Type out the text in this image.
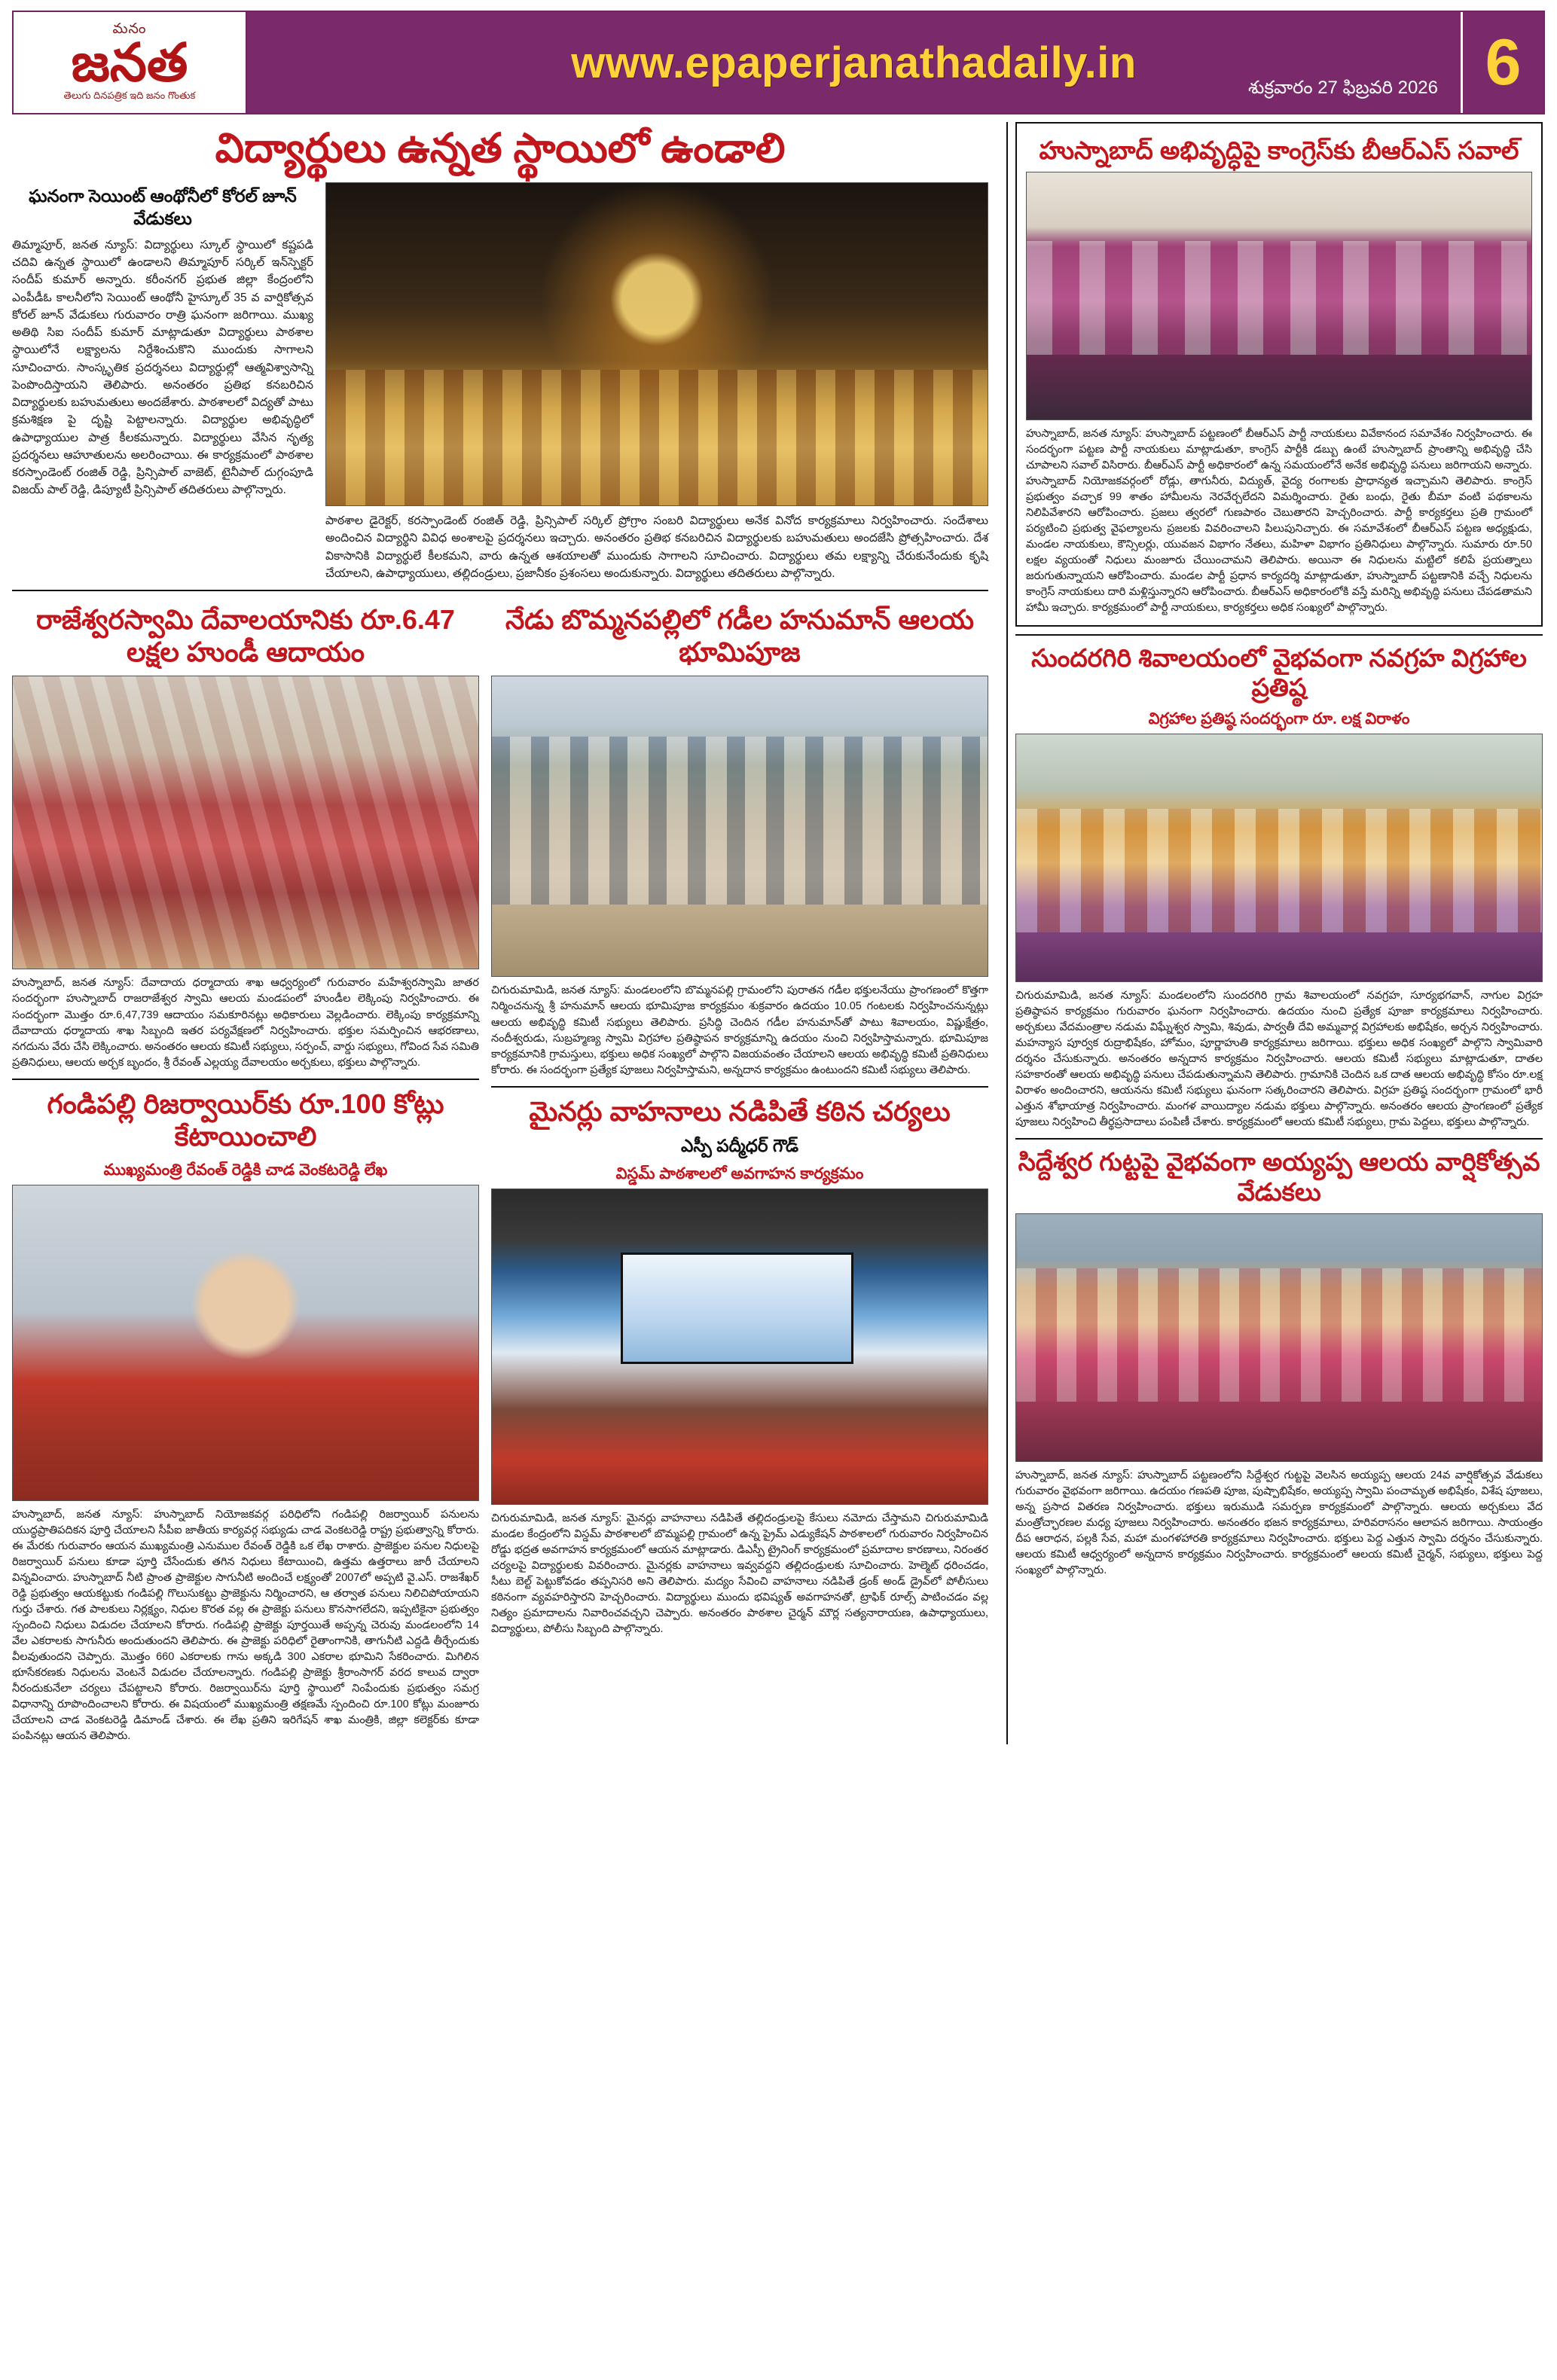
మనం
జనత
తెలుగు దినపత్రిక ఇది జనం గొంతుక
www.epaperjanathadaily.in
శుక్రవారం 27 ఫిబ్రవరి 2026 6
విద్యార్థులు ఉన్నత స్థాయిలో ఉండాలి
ఘనంగా సెయింట్ ఆంథోనీలో కోరల్ జూన్ వేడుకలు
తిమ్మాపూర్, జనత న్యూస్: విద్యార్థులు స్కూల్ స్థాయిలో కష్టపడి చదివి ఉన్నత స్థాయిలో ఉండాలని తిమ్మాపూర్ సర్కిల్ ఇన్‌స్పెక్టర్ సందీప్ కుమార్ అన్నారు. కరీంనగర్ ప్రభుత జిల్లా కేంద్రంలోని ఎంపీడీఓ కాలనీలోని సెయింట్ ఆంథోనీ హైస్కూల్ 35 వ వార్షికోత్సవ కోరల్ జూన్ వేడుకలు గురువారం రాత్రి ఘనంగా జరిగాయి. ముఖ్య అతిథి సిఐ సందీప్ కుమార్ మాట్లాడుతూ విద్యార్థులు పాఠశాల స్థాయిలోనే లక్ష్యాలను నిర్దేశించుకొని ముందుకు సాగాలని సూచించారు. సాంస్కృతిక ప్రదర్శనలు విద్యార్థుల్లో ఆత్మవిశ్వాసాన్ని పెంపొందిస్తాయని తెలిపారు. అనంతరం ప్రతిభ కనబరిచిన విద్యార్థులకు బహుమతులు అందజేశారు. పాఠశాలలో విద్యతో పాటు క్రమశిక్షణ పై దృష్టి పెట్టాలన్నారు. విద్యార్థుల అభివృద్ధిలో ఉపాధ్యాయుల పాత్ర కీలకమన్నారు. విద్యార్థులు వేసిన నృత్య ప్రదర్శనలు ఆహూతులను అలరించాయి. ఈ కార్యక్రమంలో పాఠశాల కరస్పాండెంట్ రంజిత్ రెడ్డి, ప్రిన్సిపాల్ వాజెట్, టైనీపాల్ దుగ్గంపూడి విజయ్ పాల్ రెడ్డి, డిప్యూటీ ప్రిన్సిపాల్ తదితరులు పాల్గొన్నారు.
పాఠశాల డైరెక్టర్, కరస్పాండెంట్ రంజిత్ రెడ్డి, ప్రిన్సిపాల్ సర్కిల్ ప్రోగ్రాం సంబరి విద్యార్థులు అనేక వినోద కార్యక్రమాలు నిర్వహించారు. సందేశాలు అందించిన విద్యార్థిని వివిధ అంశాలపై ప్రదర్శనలు ఇచ్చారు. అనంతరం ప్రతిభ కనబరిచిన విద్యార్థులకు బహుమతులు అందజేసి ప్రోత్సహించారు. దేశ వికాసానికి విద్యార్థులే కీలకమని, వారు ఉన్నత ఆశయాలతో ముందుకు సాగాలని సూచించారు. విద్యార్థులు తమ లక్ష్యాన్ని చేరుకునేందుకు కృషి చేయాలని, ఉపాధ్యాయులు, తల్లిదండ్రులు, ప్రజానీకం ప్రశంసలు అందుకున్నారు. విద్యార్థులు తదితరులు పాల్గొన్నారు.
రాజేశ్వరస్వామి దేవాలయానికు రూ.6.47 లక్షల హుండీ ఆదాయం
హుస్నాబాద్, జనత న్యూస్: దేవాదాయ ధర్మాదాయ శాఖ ఆధ్వర్యంలో గురువారం మహేశ్వరస్వామి జాతర సందర్భంగా హుస్నాబాద్ రాజరాజేశ్వర స్వామి ఆలయ మండపంలో హుండీల లెక్కింపు నిర్వహించారు. ఈ సందర్భంగా మొత్తం రూ.6,47,739 ఆదాయం సమకూరినట్లు అధికారులు వెల్లడించారు. లెక్కింపు కార్యక్రమాన్ని దేవాదాయ ధర్మాదాయ శాఖ సిబ్బంది ఇతర పర్యవేక్షణలో నిర్వహించారు. భక్తుల సమర్పించిన ఆభరణాలు, నగదును వేరు చేసి లెక్కించారు. అనంతరం ఆలయ కమిటీ సభ్యులు, సర్పంచ్, వార్డు సభ్యులు, గోవింద సేవ సమితి ప్రతినిధులు, ఆలయ అర్చక బృందం, శ్రీ రేవంత్ ఎల్లయ్య దేవాలయం అర్చకులు, భక్తులు పాల్గొన్నారు.
గండిపల్లి రిజర్వాయిర్‌కు రూ.100 కోట్లు కేటాయించాలి
ముఖ్యమంత్రి రేవంత్ రెడ్డికి చాడ వెంకటరెడ్డి లేఖ
హుస్నాబాద్, జనత న్యూస్: హుస్నాబాద్ నియోజకవర్గ పరిధిలోని గండిపల్లి రిజర్వాయిర్ పనులను యుద్ధప్రాతిపదికన పూర్తి చేయాలని సీపీఐ జాతీయ కార్యవర్గ సభ్యుడు చాడ వెంకటరెడ్డి రాష్ట్ర ప్రభుత్వాన్ని కోరారు. ఈ మేరకు గురువారం ఆయన ముఖ్యమంత్రి ఎనుముల రేవంత్ రెడ్డికి ఒక లేఖ రాశారు. ప్రాజెక్టుల పనుల నిధులపై రిజర్వాయిర్ పనులు కూడా పూర్తి చేసేందుకు తగిన నిధులు కేటాయించి, ఉత్తమ ఉత్తరాలు జారీ చేయాలని విన్నవించారు. హుస్నాబాద్ నీటి ప్రాంత ప్రాజెక్టుల సాగునీటి అందించే లక్ష్యంతో 2007లో అప్పటి వై.ఎస్. రాజశేఖర్ రెడ్డి ప్రభుత్వం ఆయకట్టుకు గండిపల్లి గొలుసుకట్టు ప్రాజెక్టును నిర్మించారని, ఆ తర్వాత పనులు నిలిచిపోయాయని గుర్తు చేశారు. గత పాలకులు నిర్లక్ష్యం, నిధుల కొరత వల్ల ఈ ప్రాజెక్టు పనులు కొనసాగలేదని, ఇప్పటికైనా ప్రభుత్వం స్పందించి నిధులు విడుదల చేయాలని కోరారు. గండిపల్లి ప్రాజెక్టు పూర్తయితే అప్పన్న చెరువు మండలంలోని 14 వేల ఎకరాలకు సాగునీరు అందుతుందని తెలిపారు. ఈ ప్రాజెక్టు పరిధిలో రైతాంగానికి, తాగునీటి ఎద్దడి తీర్చేందుకు వీలవుతుందని చెప్పారు. మొత్తం 660 ఎకరాలకు గాను అక్కడి 300 ఎకరాల భూమిని సేకరించారు. మిగిలిన భూసేకరణకు నిధులను వెంటనే విడుదల చేయాలన్నారు. గండిపల్లి ప్రాజెక్టు శ్రీరాంసాగర్ వరద కాలువ ద్వారా నీరందుకునేలా చర్యలు చేపట్టాలని కోరారు. రిజర్వాయిర్‌ను పూర్తి స్థాయిలో నింపేందుకు ప్రభుత్వం సమగ్ర విధానాన్ని రూపొందించాలని కోరారు. ఈ విషయంలో ముఖ్యమంత్రి తక్షణమే స్పందించి రూ.100 కోట్లు మంజూరు చేయాలని చాడ వెంకటరెడ్డి డిమాండ్ చేశారు. ఈ లేఖ ప్రతిని ఇరిగేషన్ శాఖ మంత్రికి, జిల్లా కలెక్టర్‌కు కూడా పంపినట్లు ఆయన తెలిపారు.
నేడు బొమ్మనపల్లిలో గడీల హనుమాన్ ఆలయ భూమిపూజ
చిగురుమామిడి, జనత న్యూస్: మండలంలోని బొమ్మనపల్లి గ్రామంలోని పురాతన గడీల భక్తులనేయు ప్రాంగణంలో కొత్తగా నిర్మించనున్న శ్రీ హనుమాన్ ఆలయ భూమిపూజ కార్యక్రమం శుక్రవారం ఉదయం 10.05 గంటలకు నిర్వహించనున్నట్లు ఆలయ అభివృద్ధి కమిటీ సభ్యులు తెలిపారు. ప్రసిద్ధి చెందిన గడీల హనుమాన్‌తో పాటు శివాలయం, విష్ణుక్షేత్రం, నందీశ్వరుడు, సుబ్రహ్మణ్య స్వామి విగ్రహాల ప్రతిష్ఠాపన కార్యక్రమాన్ని ఉదయం నుంచి నిర్వహిస్తామన్నారు. భూమిపూజ కార్యక్రమానికి గ్రామస్తులు, భక్తులు అధిక సంఖ్యలో పాల్గొని విజయవంతం చేయాలని ఆలయ అభివృద్ధి కమిటీ ప్రతినిధులు కోరారు. ఈ సందర్భంగా ప్రత్యేక పూజలు నిర్వహిస్తామని, అన్నదాన కార్యక్రమం ఉంటుందని కమిటీ సభ్యులు తెలిపారు.
మైనర్లు వాహనాలు నడిపితే కఠిన చర్యలు
ఎస్పీ పద్మీధర్ గౌడ్
విస్డమ్ పాఠశాలలో అవగాహన కార్యక్రమం
చిగురుమామిడి, జనత న్యూస్: మైనర్లు వాహనాలు నడిపితే తల్లిదండ్రులపై కేసులు నమోదు చేస్తామని చిగురుమామిడి మండల కేంద్రంలోని విస్డమ్ పాఠశాలలో బొమ్మపల్లి గ్రామంలో ఉన్న ప్రైమ్ ఎడ్యుకేషన్ పాఠశాలలో గురువారం నిర్వహించిన రోడ్డు భద్రత అవగాహన కార్యక్రమంలో ఆయన మాట్లాడారు. డిఎస్పీ ట్రైనింగ్ కార్యక్రమంలో ప్రమాదాల కారణాలు, నిరంతర చర్యలపై విద్యార్థులకు వివరించారు. మైనర్లకు వాహనాలు ఇవ్వవద్దని తల్లిదండ్రులకు సూచించారు. హెల్మెట్ ధరించడం, సీటు బెల్ట్ పెట్టుకోవడం తప్పనిసరి అని తెలిపారు. మద్యం సేవించి వాహనాలు నడిపితే డ్రంక్ అండ్ డ్రైవ్‌లో పోలీసులు కఠినంగా వ్యవహరిస్తారని హెచ్చరించారు. విద్యార్థులు ముందు భవిష్యత్ అవగాహనతో, ట్రాఫిక్ రూల్స్ పాటించడం వల్ల నిత్యం ప్రమాదాలను నివారించవచ్చని చెప్పారు. అనంతరం పాఠశాల చైర్మన్ మౌర్ల సత్యనారాయణ, ఉపాధ్యాయులు, విద్యార్థులు, పోలీసు సిబ్బంది పాల్గొన్నారు.
హుస్నాబాద్ అభివృద్ధిపై కాంగ్రెస్‌కు బీఆర్ఎస్ సవాల్
హుస్నాబాద్, జనత న్యూస్: హుస్నాబాద్ పట్టణంలో బీఆర్ఎస్ పార్టీ నాయకులు వివేకానంద సమావేశం నిర్వహించారు. ఈ సందర్భంగా పట్టణ పార్టీ నాయకులు మాట్లాడుతూ, కాంగ్రెస్ పార్టీకి డబ్బు ఉంటే హుస్నాబాద్ ప్రాంతాన్ని అభివృద్ధి చేసి చూపాలని సవాల్ విసిరారు. బీఆర్ఎస్ పార్టీ అధికారంలో ఉన్న సమయంలోనే అనేక అభివృద్ధి పనులు జరిగాయని అన్నారు. హుస్నాబాద్ నియోజకవర్గంలో రోడ్లు, తాగునీరు, విద్యుత్, వైద్య రంగాలకు ప్రాధాన్యత ఇచ్చామని తెలిపారు. కాంగ్రెస్ ప్రభుత్వం వచ్చాక 99 శాతం హామీలను నెరవేర్చలేదని విమర్శించారు. రైతు బంధు, రైతు బీమా వంటి పథకాలను నిలిపివేశారని ఆరోపించారు. ప్రజలు త్వరలో గుణపాఠం చెబుతారని హెచ్చరించారు. పార్టీ కార్యకర్తలు ప్రతి గ్రామంలో పర్యటించి ప్రభుత్వ వైఫల్యాలను ప్రజలకు వివరించాలని పిలుపునిచ్చారు. ఈ సమావేశంలో బీఆర్ఎస్ పట్టణ అధ్యక్షుడు, మండల నాయకులు, కౌన్సిలర్లు, యువజన విభాగం నేతలు, మహిళా విభాగం ప్రతినిధులు పాల్గొన్నారు. సుమారు రూ.50 లక్షల వ్యయంతో నిధులు మంజూరు చేయించామని తెలిపారు. అయినా ఈ నిధులను మట్టిలో కలిపే ప్రయత్నాలు జరుగుతున్నాయని ఆరోపించారు. మండల పార్టీ ప్రధాన కార్యదర్శి మాట్లాడుతూ, హుస్నాబాద్ పట్టణానికి వచ్చే నిధులను కాంగ్రెస్ నాయకులు దారి మళ్లిస్తున్నారని ఆరోపించారు. బీఆర్ఎస్ అధికారంలోకి వస్తే మరిన్ని అభివృద్ధి పనులు చేపడతామని హామీ ఇచ్చారు. కార్యక్రమంలో పార్టీ నాయకులు, కార్యకర్తలు అధిక సంఖ్యలో పాల్గొన్నారు.
సుందరగిరి శివాలయంలో వైభవంగా నవగ్రహ విగ్రహాల ప్రతిష్ఠ
విగ్రహాల ప్రతిష్ఠ సందర్భంగా రూ. లక్ష విరాళం
చిగురుమామిడి, జనత న్యూస్: మండలంలోని సుందరగిరి గ్రామ శివాలయంలో నవగ్రహ, సూర్యభగవాన్, నాగుల విగ్రహ ప్రతిష్ఠాపన కార్యక్రమం గురువారం ఘనంగా నిర్వహించారు. ఉదయం నుంచి ప్రత్యేక పూజా కార్యక్రమాలు నిర్వహించారు. అర్చకులు వేదమంత్రాల నడుమ విఘ్నేశ్వర స్వామి, శివుడు, పార్వతీ దేవి అమ్మవార్ల విగ్రహాలకు అభిషేకం, అర్చన నిర్వహించారు. మహన్యాస పూర్వక రుద్రాభిషేకం, హోమం, పూర్ణాహుతి కార్యక్రమాలు జరిగాయి. భక్తులు అధిక సంఖ్యలో పాల్గొని స్వామివారి దర్శనం చేసుకున్నారు. అనంతరం అన్నదాన కార్యక్రమం నిర్వహించారు. ఆలయ కమిటీ సభ్యులు మాట్లాడుతూ, దాతల సహకారంతో ఆలయ అభివృద్ధి పనులు చేపడుతున్నామని తెలిపారు. గ్రామానికి చెందిన ఒక దాత ఆలయ అభివృద్ధి కోసం రూ.లక్ష విరాళం అందించారని, ఆయనను కమిటీ సభ్యులు ఘనంగా సత్కరించారని తెలిపారు. విగ్రహ ప్రతిష్ఠ సందర్భంగా గ్రామంలో భారీ ఎత్తున శోభాయాత్ర నిర్వహించారు. మంగళ వాయిద్యాల నడుమ భక్తులు పాల్గొన్నారు. అనంతరం ఆలయ ప్రాంగణంలో ప్రత్యేక పూజలు నిర్వహించి తీర్థప్రసాదాలు పంపిణీ చేశారు. కార్యక్రమంలో ఆలయ కమిటీ సభ్యులు, గ్రామ పెద్దలు, భక్తులు పాల్గొన్నారు.
సిద్దేశ్వర గుట్టపై వైభవంగా అయ్యప్ప ఆలయ వార్షికోత్సవ వేడుకలు
హుస్నాబాద్, జనత న్యూస్: హుస్నాబాద్ పట్టణంలోని సిద్దేశ్వర గుట్టపై వెలసిన అయ్యప్ప ఆలయ 24వ వార్షికోత్సవ వేడుకలు గురువారం వైభవంగా జరిగాయి. ఉదయం గణపతి పూజ, పుష్పాభిషేకం, అయ్యప్ప స్వామి పంచామృత అభిషేకం, విశేష పూజలు, అన్న ప్రసాద వితరణ నిర్వహించారు. భక్తులు ఇరుముడి సమర్పణ కార్యక్రమంలో పాల్గొన్నారు. ఆలయ అర్చకులు వేద మంత్రోచ్ఛారణల మధ్య పూజలు నిర్వహించారు. అనంతరం భజన కార్యక్రమాలు, హరివరాసనం ఆలాపన జరిగాయి. సాయంత్రం దీప ఆరాధన, పల్లకి సేవ, మహా మంగళహారతి కార్యక్రమాలు నిర్వహించారు. భక్తులు పెద్ద ఎత్తున స్వామి దర్శనం చేసుకున్నారు. ఆలయ కమిటీ ఆధ్వర్యంలో అన్నదాన కార్యక్రమం నిర్వహించారు. కార్యక్రమంలో ఆలయ కమిటీ చైర్మన్, సభ్యులు, భక్తులు పెద్ద సంఖ్యలో పాల్గొన్నారు.
